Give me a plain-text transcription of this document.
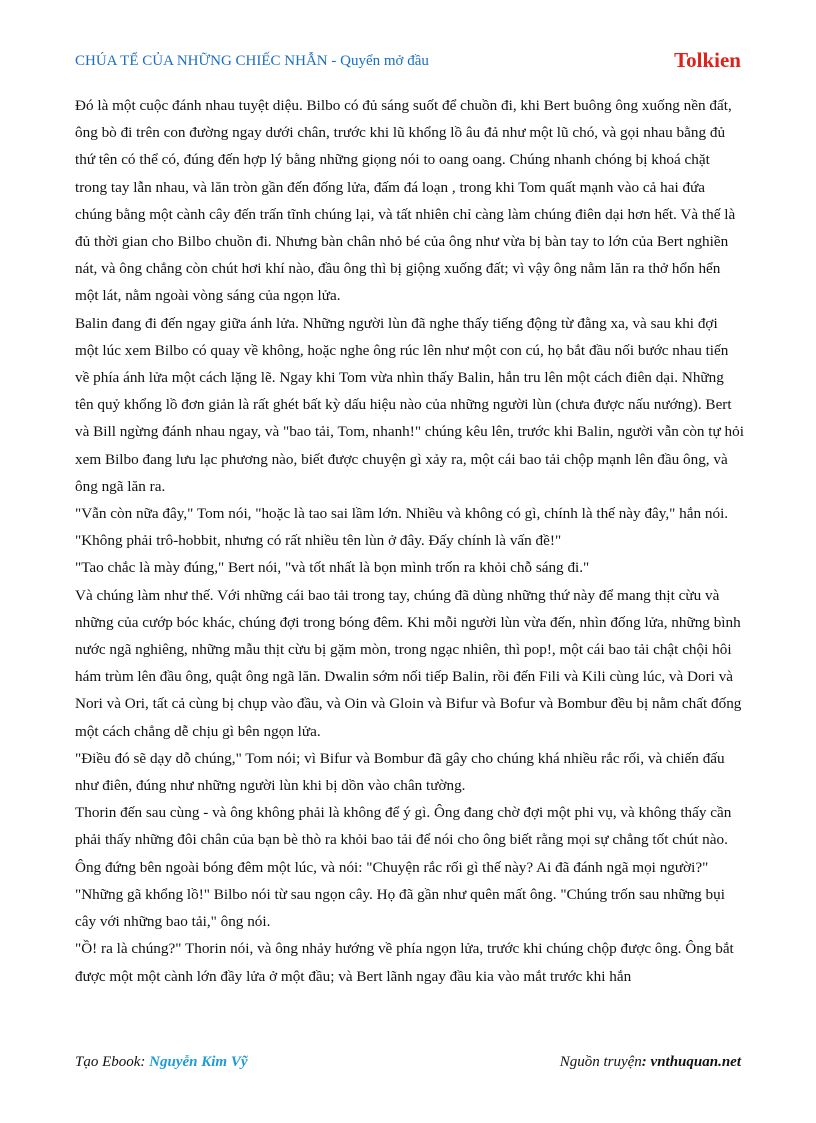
CHÚA TỂ CỦA NHỮNG CHIẾC NHẪN - Quyển mở đầu	Tolkien

Đó là một cuộc đánh nhau tuyệt diệu. Bilbo có đủ sáng suốt để chuồn đi, khi Bert buông ông xuống nền đất, ông bò đi trên con đường ngay dưới chân, trước khi lũ khổng lồ âu đả như một lũ chó, và gọi nhau bằng đủ thứ tên có thể có, đúng đến hợp lý bằng những giọng nói to oang oang. Chúng nhanh chóng bị khoá chặt trong tay lẫn nhau, và lăn tròn gần đến đống lửa, đấm đá loạn , trong khi Tom quất mạnh vào cả hai đứa chúng bằng một cành cây đến trấn tĩnh chúng lại, và tất nhiên chỉ càng làm chúng điên dại hơn hết. Và thế là đủ thời gian cho Bilbo chuồn đi. Nhưng bàn chân nhỏ bé của ông như vừa bị bàn tay to lớn của Bert nghiền nát, và ông chẳng còn chút hơi khí nào, đầu ông thì bị giộng xuống đất; vì vậy ông nằm lăn ra thở hổn hển một lát, nằm ngoài vòng sáng của ngọn lửa.

Balin đang đi đến ngay giữa ánh lửa. Những người lùn đã nghe thấy tiếng động từ đằng xa, và sau khi đợi một lúc xem Bilbo có quay về không, hoặc nghe ông rúc lên như một con cú, họ bắt đầu nối bước nhau tiến về phía ánh lửa một cách lặng lẽ. Ngay khi Tom vừa nhìn thấy Balin, hắn tru lên một cách điên dại. Những tên quỷ khổng lồ đơn giản là rất ghét bất kỳ dấu hiệu nào của những người lùn (chưa được nấu nướng). Bert và Bill ngừng đánh nhau ngay, và "bao tải, Tom, nhanh!" chúng kêu lên, trước khi Balin, người vẫn còn tự hỏi xem Bilbo đang lưu lạc phương nào, biết được chuyện gì xảy ra, một cái bao tải chộp mạnh lên đầu ông, và ông ngã lăn ra.

"Vẫn còn nữa đây," Tom nói, "hoặc là tao sai lầm lớn. Nhiều và không có gì, chính là thế này đây," hắn nói. "Không phải trô-hobbit, nhưng có rất nhiều tên lùn ở đây. Đấy chính là vấn đề!"

"Tao chắc là mày đúng," Bert nói, "và tốt nhất là bọn mình trốn ra khỏi chỗ sáng đi."

Và chúng làm như thế. Với những cái bao tải trong tay, chúng đã dùng những thứ này để mang thịt cừu và những của cướp bóc khác, chúng đợi trong bóng đêm. Khi mỗi người lùn vừa đến, nhìn đống lửa, những bình nước ngã nghiêng, những mẫu thịt cừu bị gặm mòn, trong ngạc nhiên, thì pop!, một cái bao tải chật chội hôi hám trùm lên đầu ông, quật ông ngã lăn. Dwalin sớm nối tiếp Balin, rồi đến Fili và Kili cùng lúc, và Dori và Nori và Ori, tất cả cùng bị chụp vào đầu, và Oin và Gloin và Bifur và Bofur và Bombur đều bị nằm chất đống một cách chẳng dễ chịu gì bên ngọn lửa.

"Điều đó sẽ dạy dỗ chúng," Tom nói; vì Bifur và Bombur đã gây cho chúng khá nhiều rắc rối, và chiến đấu như điên, đúng như những người lùn khi bị dồn vào chân tường.

Thorin đến sau cùng - và ông không phải là không để ý gì. Ông đang chờ đợi một phi vụ, và không thấy cần phải thấy những đôi chân của bạn bè thò ra khỏi bao tải để nói cho ông biết rằng mọi sự chẳng tốt chút nào. Ông đứng bên ngoài bóng đêm một lúc, và nói: "Chuyện rắc rối gì thế này? Ai đã đánh ngã mọi người?"

"Những gã khổng lồ!" Bilbo nói từ sau ngọn cây. Họ đã gần như quên mất ông. "Chúng trốn sau những bụi cây với những bao tải," ông nói.

"Ồ! ra là chúng?" Thorin nói, và ông nhảy hướng về phía ngọn lửa, trước khi chúng chộp được ông. Ông bắt được một một cành lớn đầy lửa ở một đầu; và Bert lãnh ngay đầu kia vào mắt trước khi hắn

Tạo Ebook: Nguyễn Kim Vỹ	Nguồn truyện: vnthuquan.net
